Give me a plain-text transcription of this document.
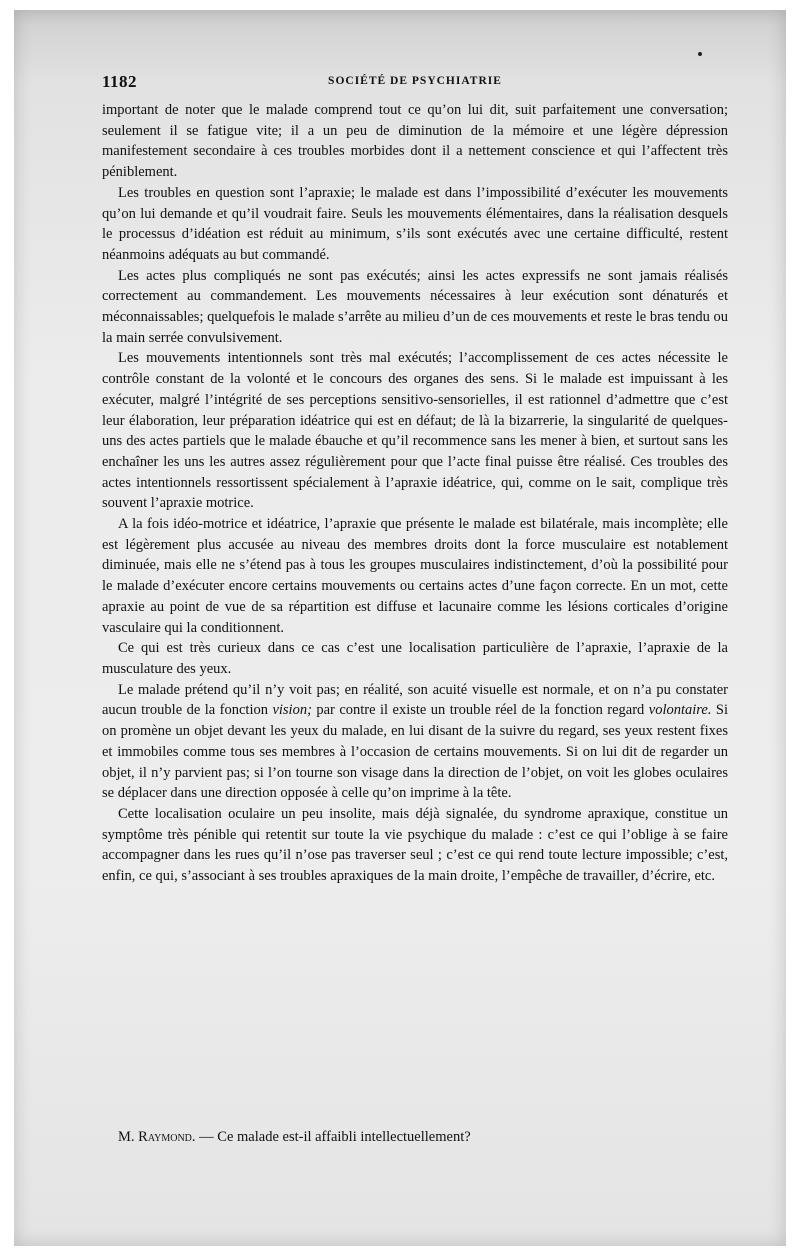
1182	SOCIÉTÉ DE PSYCHIATRIE

important de noter que le malade comprend tout ce qu’on lui dit, suit parfaitement une conversation; seulement il se fatigue vite; il a un peu de diminution de la mémoire et une légère dépression manifestement secondaire à ces troubles morbides dont il a nettement conscience et qui l’affectent très péniblement.

Les troubles en question sont l’apraxie; le malade est dans l’impossibilité d’exécuter les mouvements qu’on lui demande et qu’il voudrait faire. Seuls les mouvements élémentaires, dans la réalisation desquels le processus d’idéation est réduit au minimum, s’ils sont exécutés avec une certaine difficulté, restent néanmoins adéquats au but commandé.

Les actes plus compliqués ne sont pas exécutés; ainsi les actes expressifs ne sont jamais réalisés correctement au commandement. Les mouvements nécessaires à leur exécution sont dénaturés et méconnaissables; quelquefois le malade s’arrête au milieu d’un de ces mouvements et reste le bras tendu ou la main serrée convulsivement.

Les mouvements intentionnels sont très mal exécutés; l’accomplissement de ces actes nécessite le contrôle constant de la volonté et le concours des organes des sens. Si le malade est impuissant à les exécuter, malgré l’intégrité de ses perceptions sensitivo-sensorielles, il est rationnel d’admettre que c’est leur élaboration, leur préparation idéatrice qui est en défaut; de là la bizarrerie, la singularité de quelques-uns des actes partiels que le malade ébauche et qu’il recommence sans les mener à bien, et surtout sans les enchaîner les uns les autres assez régulièrement pour que l’acte final puisse être réalisé. Ces troubles des actes intentionnels ressortissent spécialement à l’apraxie idéatrice, qui, comme on le sait, complique très souvent l’apraxie motrice.

A la fois idéo-motrice et idéatrice, l’apraxie que présente le malade est bilatérale, mais incomplète; elle est légèrement plus accusée au niveau des membres droits dont la force musculaire est notablement diminuée, mais elle ne s’étend pas à tous les groupes musculaires indistinctement, d’où la possibilité pour le malade d’exécuter encore certains mouvements ou certains actes d’une façon correcte. En un mot, cette apraxie au point de vue de sa répartition est diffuse et lacunaire comme les lésions corticales d’origine vasculaire qui la conditionnent.

Ce qui est très curieux dans ce cas c’est une localisation particulière de l’apraxie, l’apraxie de la musculature des yeux.

Le malade prétend qu’il n’y voit pas; en réalité, son acuité visuelle est normale, et on n’a pu constater aucun trouble de la fonction vision; par contre il existe un trouble réel de la fonction regard volontaire. Si on promène un objet devant les yeux du malade, en lui disant de la suivre du regard, ses yeux restent fixes et immobiles comme tous ses membres à l’occasion de certains mouvements. Si on lui dit de regarder un objet, il n’y parvient pas; si l’on tourne son visage dans la direction de l’objet, on voit les globes oculaires se déplacer dans une direction opposée à celle qu’on imprime à la tête.

Cette localisation oculaire un peu insolite, mais déjà signalée, du syndrome apraxique, constitue un symptôme très pénible qui retentit sur toute la vie psychique du malade : c’est ce qui l’oblige à se faire accompagner dans les rues qu’il n’ose pas traverser seul ; c’est ce qui rend toute lecture impossible; c’est, enfin, ce qui, s’associant à ses troubles apraxiques de la main droite, l’empêche de travailler, d’écrire, etc.

M. Raymond. — Ce malade est-il affaibli intellectuellement?
